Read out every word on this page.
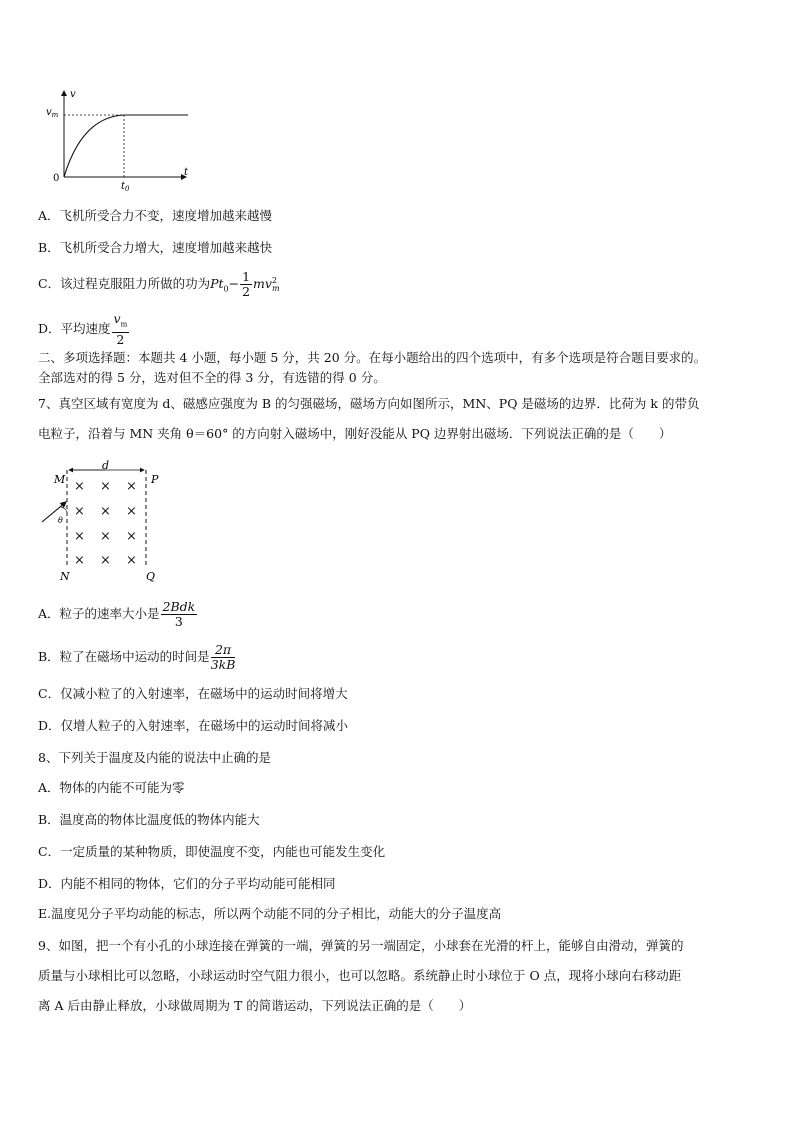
v
t
$v_m$
0
$t_0$
A．飞机所受合力不变，速度增加越来越慢
B．飞机所受合力增大，速度增加越来越快
C．该过程克服阻力所做的功为$Pt_0- \frac{1}{2}$ mv 2
m
D．平均速度 $\frac{v_m}{2}$
二、多项选择题：本题共 4 小题，每小题 5 分，共 20 分。在每小题给出的四个选项中，有多个选项是符合题目要求的。
全部选对的得 5 分，选对但不全的得 3 分，有选错的得 0 分。
7、真空区域有宽度为 d、磁感应强度为 B 的匀强磁场，磁场方向如图所示，MN、PQ 是磁场的边界．比荷为 k 的带负
电粒子，沿着与 MN 夹角 θ＝60° 的方向射入磁场中，刚好没能从 PQ 边界射出磁场．下列说法正确的是（　　）
d
M	P
N	Q
θ
× × ×
× × ×
× × ×
× × ×
A．粒子的速率大小是 $\frac{\text{2Bdk}}{3}$
B．粒了在磁场中运动的时间是 $\frac{2\pi}{3kB}$
C．仅减小粒了的入射速率，在磁场中的运动时间将增大
D．仅增人粒子的入射速率，在磁场中的运动时间将减小
8、下列关于温度及内能的说法中止确的是
A．物体的内能不可能为零
B．温度高的物体比温度低的物体内能大
C．一定质量的某种物质，即使温度不变，内能也可能发生变化
D．内能不相同的物体，它们的分子平均动能可能相同
E.温度见分子平均动能的标志，所以两个动能不同的分子相比，动能大的分子温度高
9、如图，把一个有小孔的小球连接在弹簧的一端，弹簧的另一端固定，小球套在光滑的杆上，能够自由滑动，弹簧的
质量与小球相比可以忽略，小球运动时空气阻力很小，也可以忽略。系统静止时小球位于 O 点，现将小球向右移动距
离 A 后由静止释放，小球做周期为 T 的简谐运动，下列说法正确的是（　　）
